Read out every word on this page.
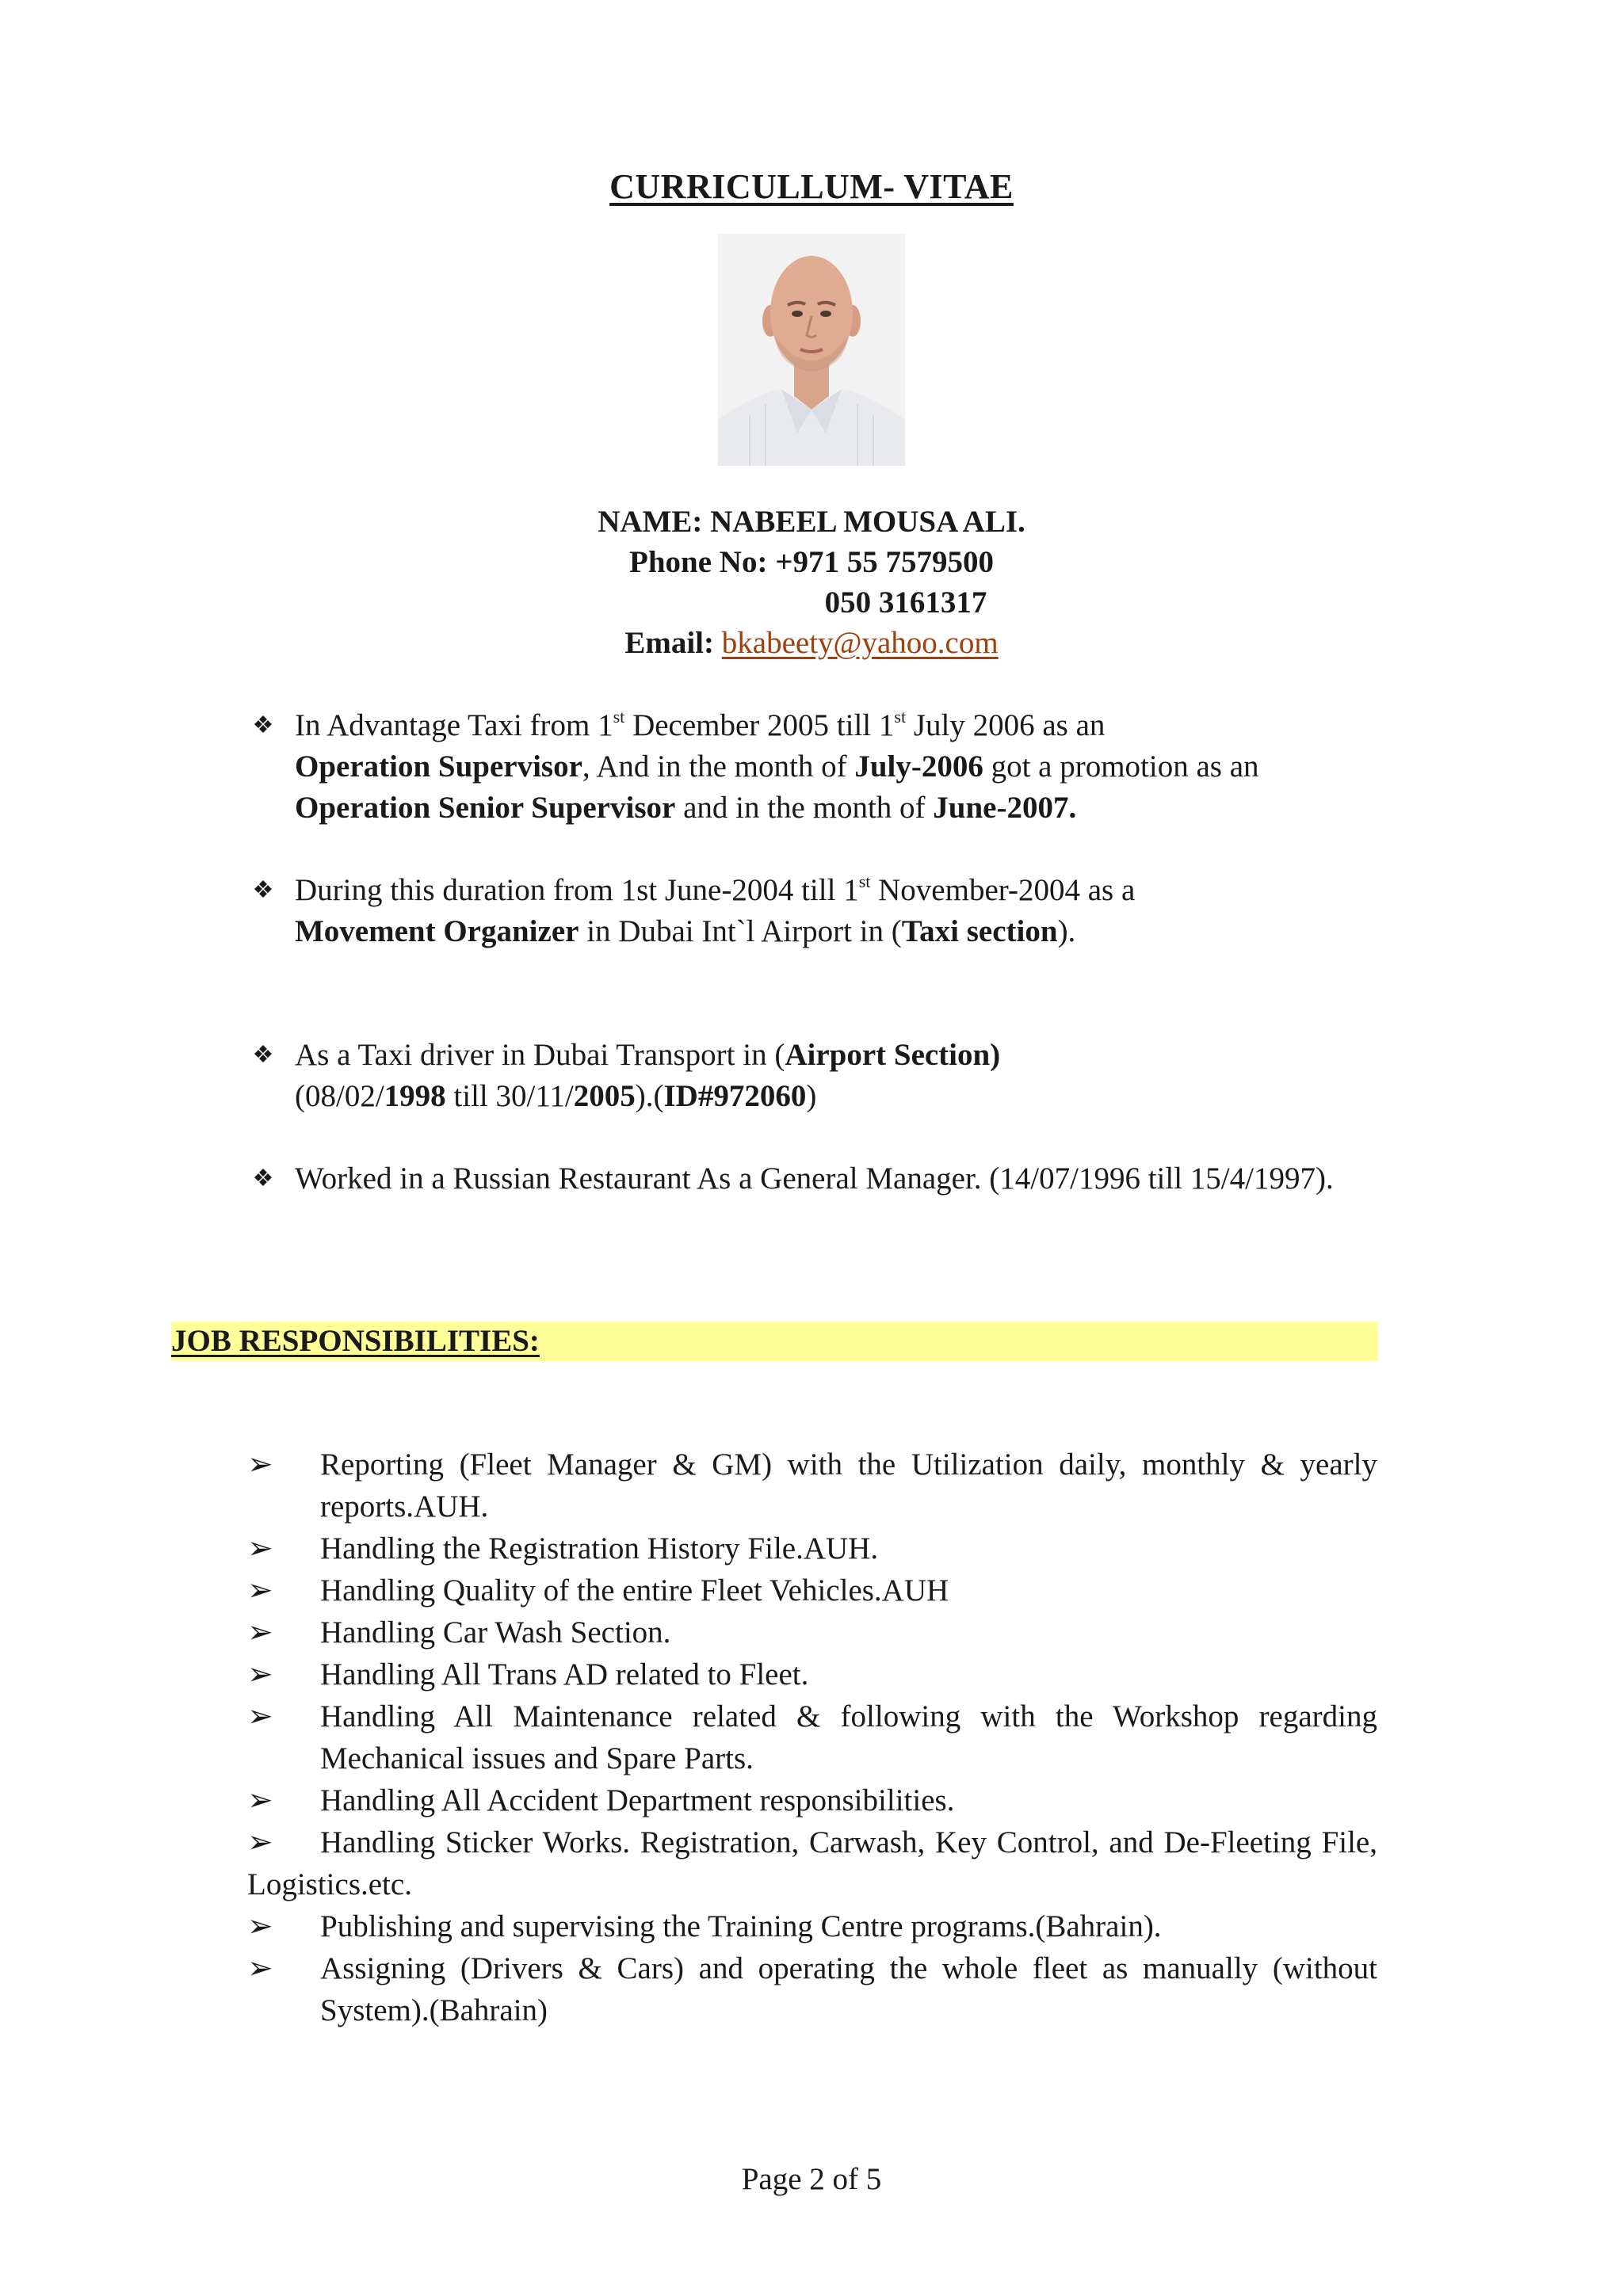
CURRICULLUM- VITAE
NAME: NABEEL MOUSA ALI.
Phone No: +971 55 7579500
050 3161317
Email: bkabeety@yahoo.com
❖ In Advantage Taxi from 1st December 2005 till 1st July 2006 as an
Operation Supervisor, And in the month of July-2006 got a promotion as an Operation Senior Supervisor and in the month of June-2007.
❖ During this duration from 1st June-2004 till 1st November-2004 as a
Movement Organizer in Dubai Int`l Airport in (Taxi section).
❖ As a Taxi driver in Dubai Transport in (Airport Section)
(08/02/1998 till 30/11/2005).(ID#972060)
❖ Worked in a Russian Restaurant As a General Manager. (14/07/1996 till 15/4/1997).
JOB RESPONSIBILITIES:
➢ Reporting (Fleet Manager & GM) with the Utilization daily, monthly & yearly reports.AUH.
➢ Handling the Registration History File.AUH.
➢ Handling Quality of the entire Fleet Vehicles.AUH
➢ Handling Car Wash Section.
➢ Handling All Trans AD related to Fleet.
➢ Handling All Maintenance related & following with the Workshop regarding Mechanical issues and Spare Parts.
➢ Handling All Accident Department responsibilities.
➢ Handling Sticker Works. Registration, Carwash, Key Control, and De-Fleeting File, Logistics.etc.
➢ Publishing and supervising the Training Centre programs.(Bahrain).
➢ Assigning (Drivers & Cars) and operating the whole fleet as manually (without System).(Bahrain)
Page 2 of 5
